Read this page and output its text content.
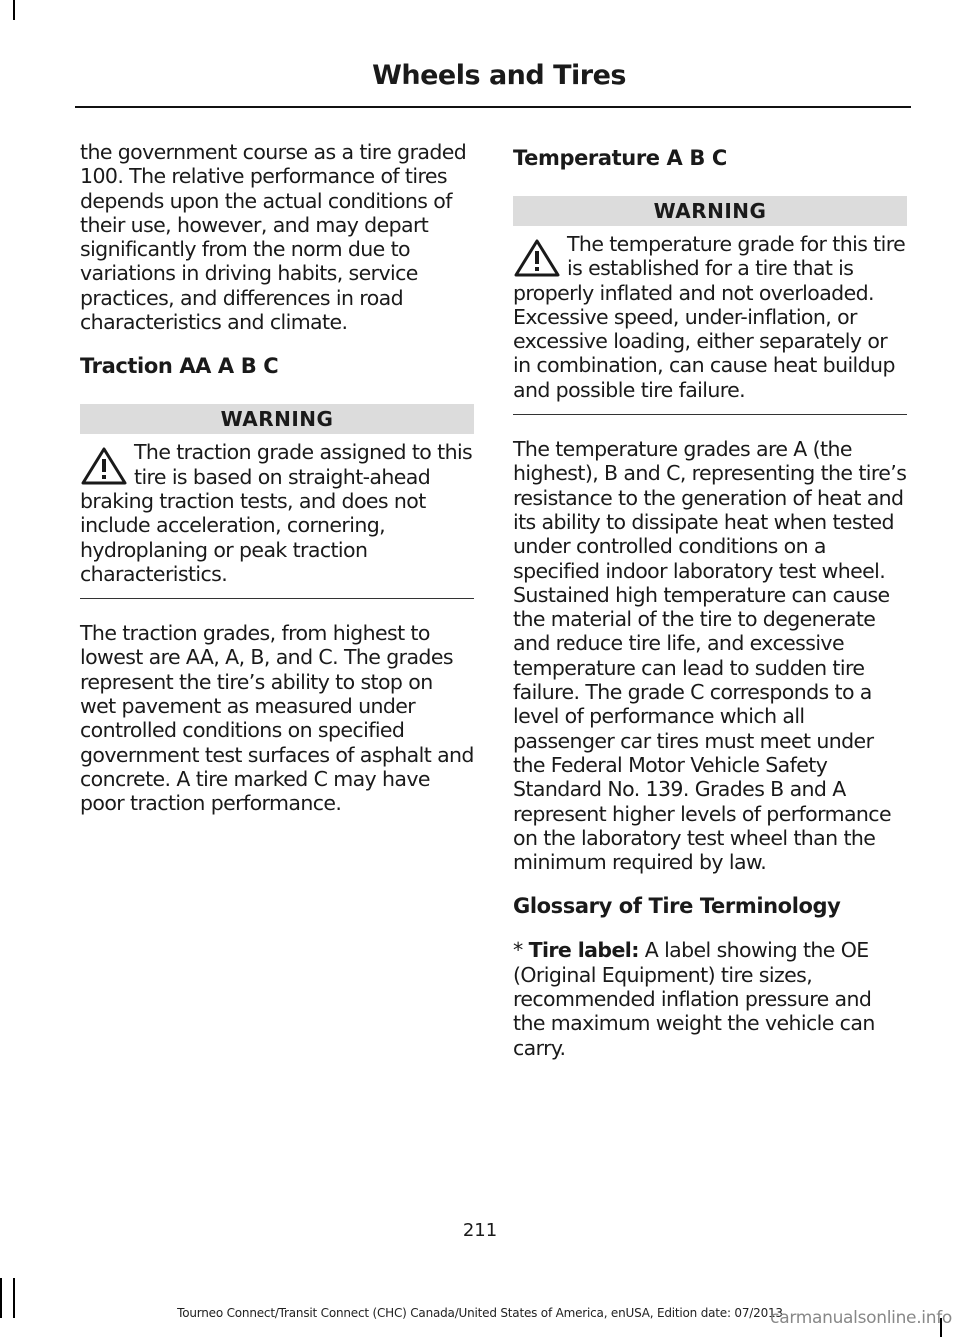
Wheels and Tires

the government course as a tire graded 100. The relative performance of tires depends upon the actual conditions of their use, however, and may depart significantly from the norm due to variations in driving habits, service practices, and differences in road characteristics and climate.

Traction AA A B C
WARNING
The traction grade assigned to this tire is based on straight-ahead braking traction tests, and does not include acceleration, cornering, hydroplaning or peak traction characteristics.

The traction grades, from highest to lowest are AA, A, B, and C. The grades represent the tire’s ability to stop on wet pavement as measured under controlled conditions on specified government test surfaces of asphalt and concrete. A tire marked C may have poor traction performance.

Temperature A B C
WARNING
The temperature grade for this tire is established for a tire that is properly inflated and not overloaded. Excessive speed, under-inflation, or excessive loading, either separately or in combination, can cause heat buildup and possible tire failure.

The temperature grades are A (the highest), B and C, representing the tire’s resistance to the generation of heat and its ability to dissipate heat when tested under controlled conditions on a specified indoor laboratory test wheel. Sustained high temperature can cause the material of the tire to degenerate and reduce tire life, and excessive temperature can lead to sudden tire failure. The grade C corresponds to a level of performance which all passenger car tires must meet under the Federal Motor Vehicle Safety Standard No. 139. Grades B and A represent higher levels of performance on the laboratory test wheel than the minimum required by law.

Glossary of Tire Terminology

* Tire label: A label showing the OE (Original Equipment) tire sizes, recommended inflation pressure and the maximum weight the vehicle can carry.

211
Tourneo Connect/Transit Connect (CHC) Canada/United States of America, enUSA, Edition date: 07/2013
carmanualsonline.info
